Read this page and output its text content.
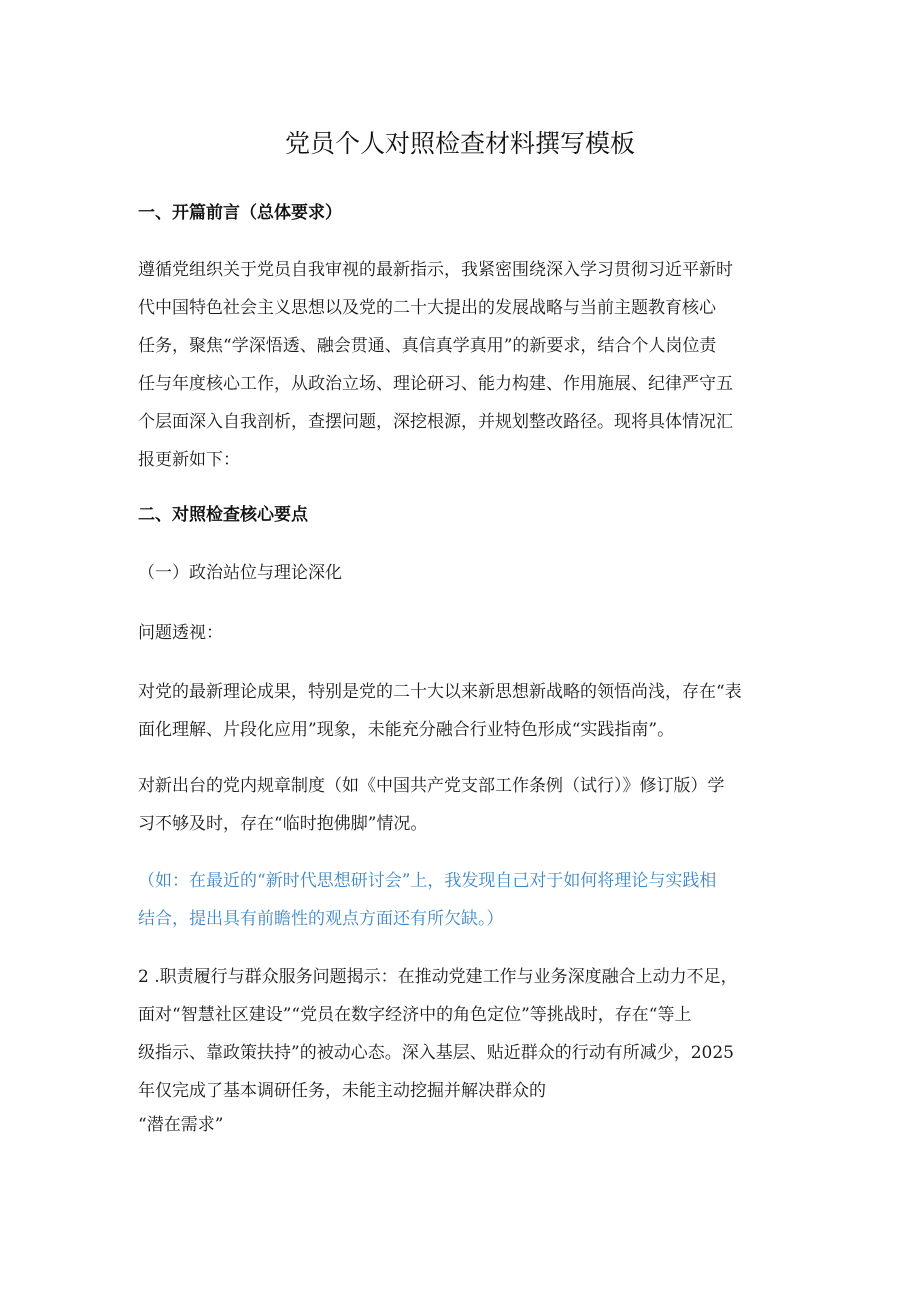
党员个人对照检查材料撰写模板
一、开篇前言（总体要求）
遵循党组织关于党员自我审视的最新指示，我紧密围绕深入学习贯彻习近平新时
代中国特色社会主义思想以及党的二十大提出的发展战略与当前主题教育核心
任务，聚焦“学深悟透、融会贯通、真信真学真用”的新要求，结合个人岗位责
任与年度核心工作，从政治立场、理论研习、能力构建、作用施展、纪律严守五
个层面深入自我剖析，查摆问题，深挖根源，并规划整改路径。现将具体情况汇
报更新如下：
二、对照检查核心要点

（一）政治站位与理论深化

问题透视：

对党的最新理论成果，特别是党的二十大以来新思想新战略的领悟尚浅，存在“表
面化理解、片段化应用”现象，未能充分融合行业特色形成“实践指南”。
对新出台的党内规章制度（如《中国共产党支部工作条例（试行）》修订版）学
习不够及时，存在“临时抱佛脚”情况。
（如：在最近的“新时代思想研讨会”上，我发现自己对于如何将理论与实践相
结合，提出具有前瞻性的观点方面还有所欠缺。）
2 .职责履行与群众服务问题揭示：在推动党建工作与业务深度融合上动力不足，
面对“智慧社区建设”“党员在数字经济中的角色定位”等挑战时，存在“等上
级指示、靠政策扶持”的被动心态。深入基层、贴近群众的行动有所减少，2025
年仅完成了基本调研任务，未能主动挖掘并解决群众的
“潜在需求”
